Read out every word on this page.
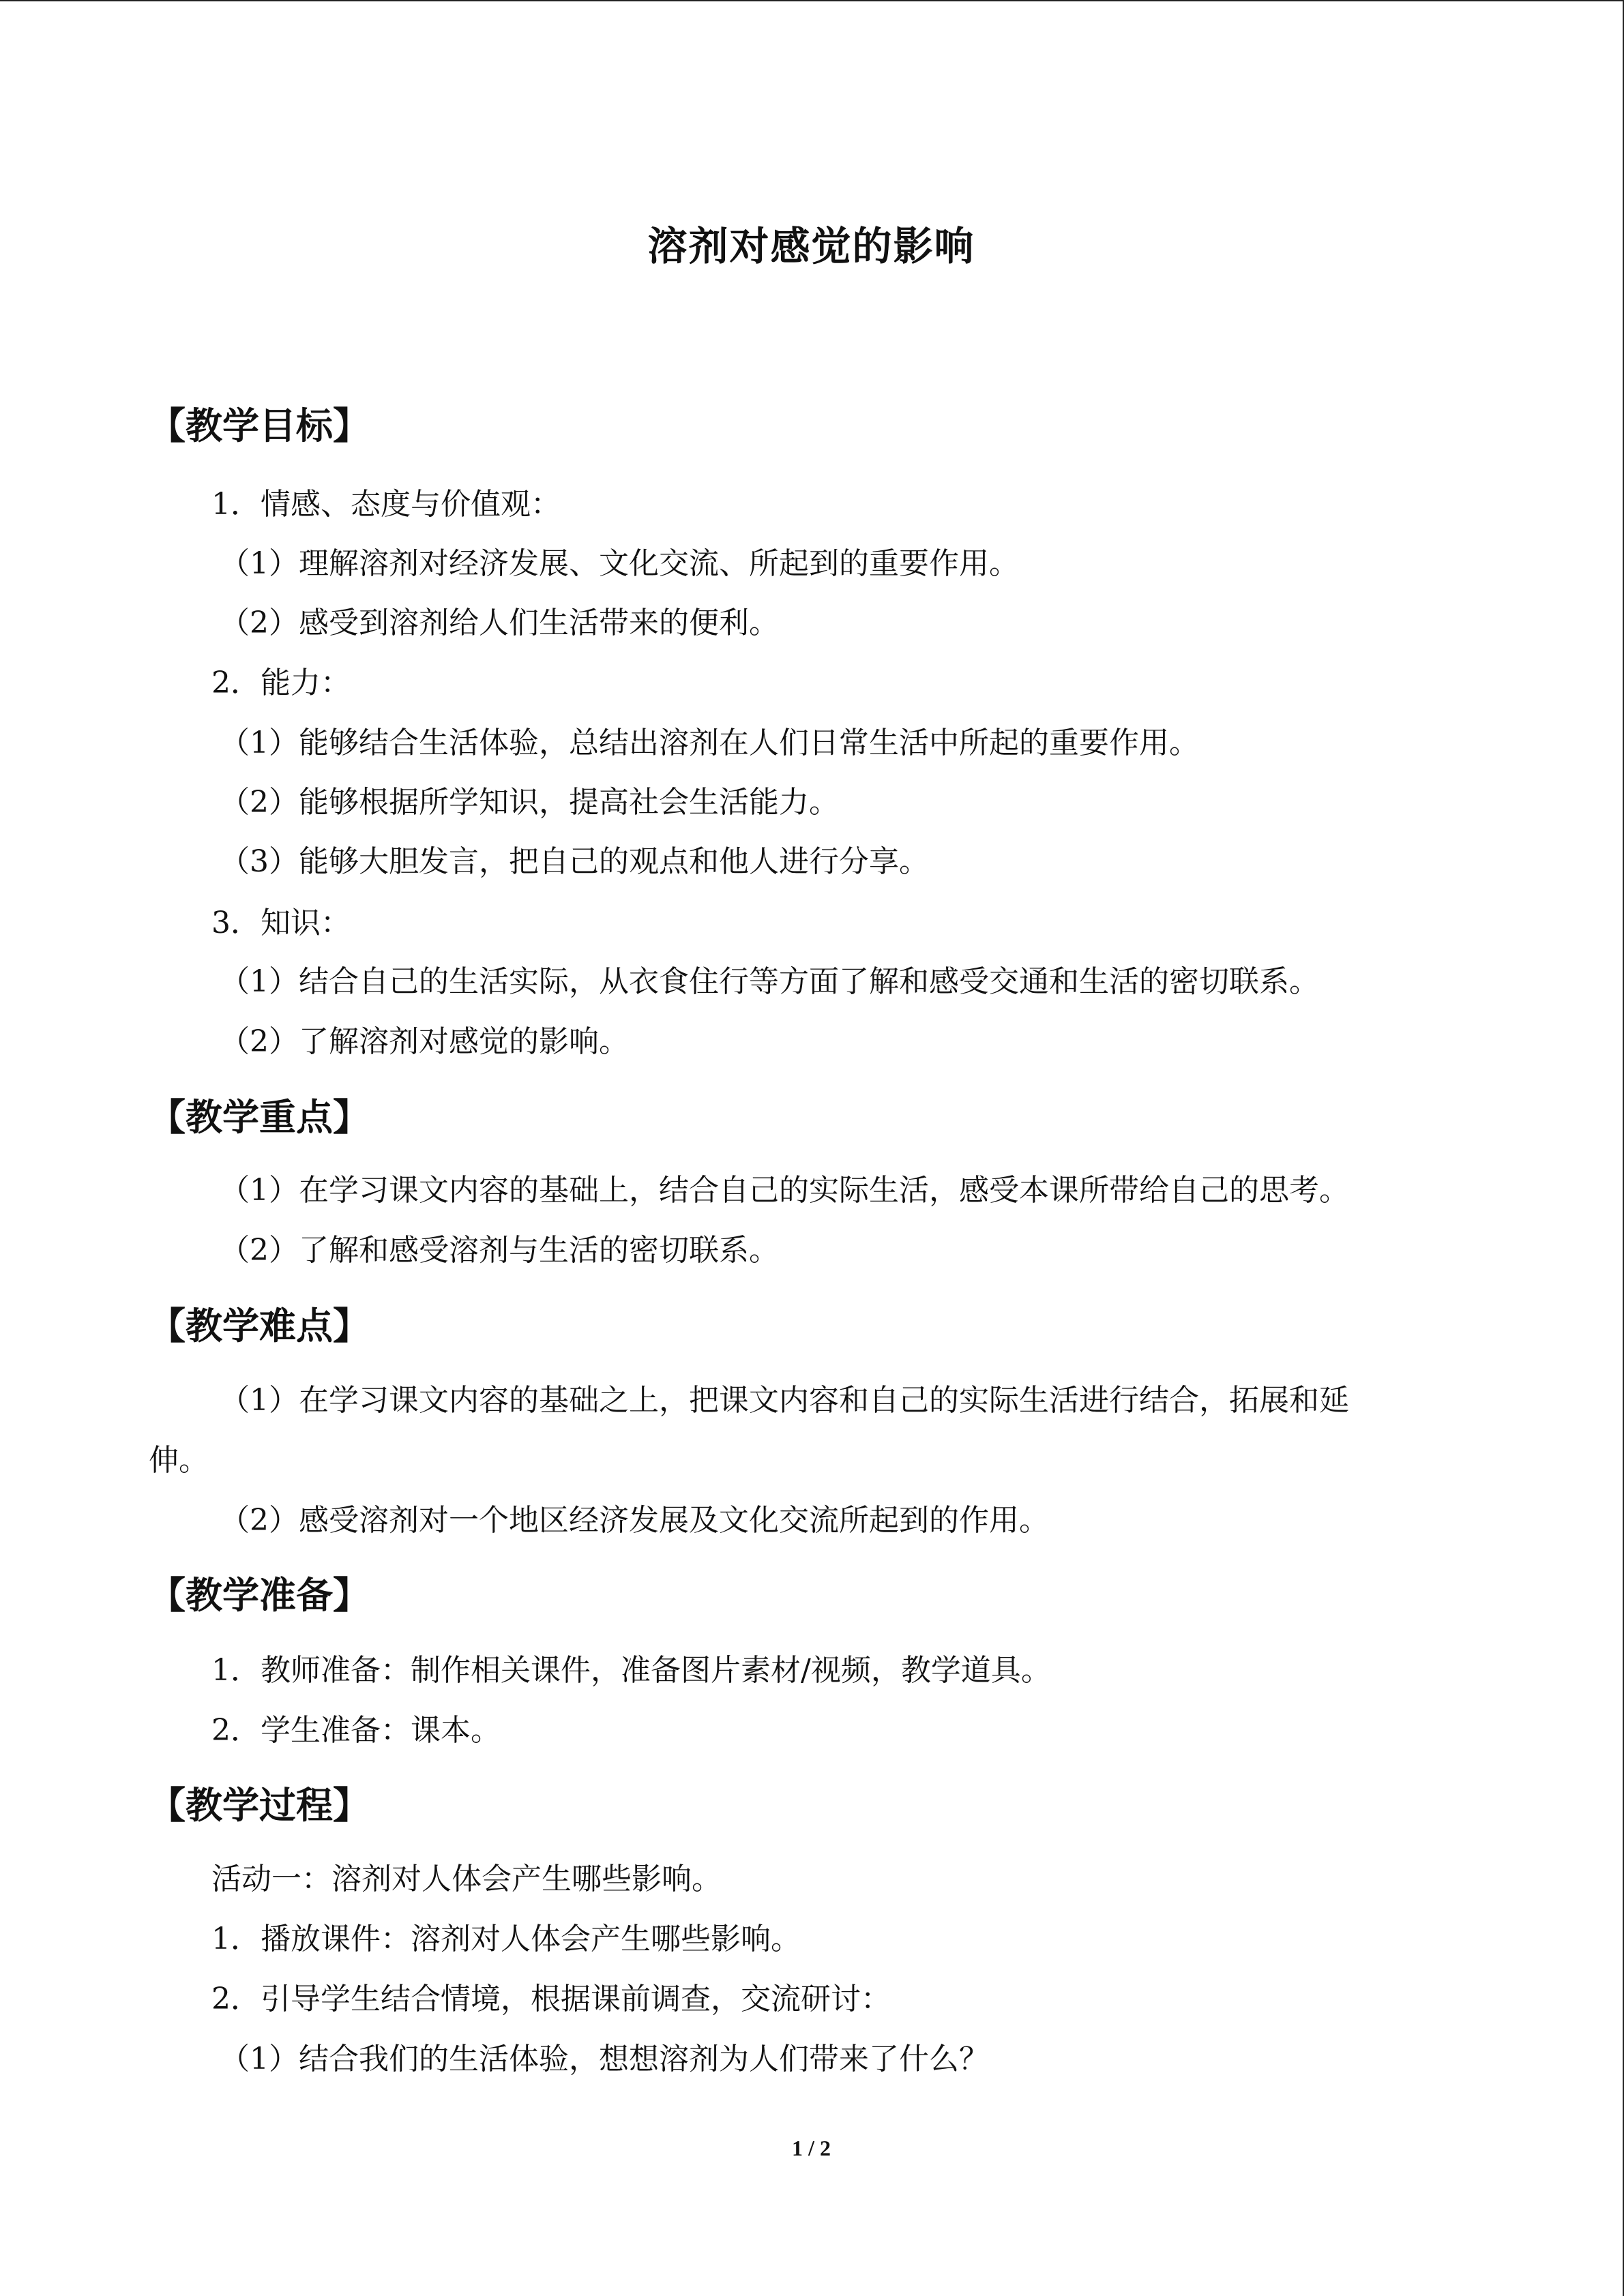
溶剂对感觉的影响
【教学目标】
1．情感、态度与价值观：
（1）理解溶剂对经济发展、文化交流、所起到的重要作用。
（2）感受到溶剂给人们生活带来的便利。
2．能力：
（1）能够结合生活体验，总结出溶剂在人们日常生活中所起的重要作用。
（2）能够根据所学知识，提高社会生活能力。
（3）能够大胆发言，把自己的观点和他人进行分享。
3．知识：
（1）结合自己的生活实际，从衣食住行等方面了解和感受交通和生活的密切联系。
（2）了解溶剂对感觉的影响。
【教学重点】
（1）在学习课文内容的基础上，结合自己的实际生活，感受本课所带给自己的思考。
（2）了解和感受溶剂与生活的密切联系。
【教学难点】
（1）在学习课文内容的基础之上，把课文内容和自己的实际生活进行结合，拓展和延
伸。
（2）感受溶剂对一个地区经济发展及文化交流所起到的作用。
【教学准备】
1．教师准备：制作相关课件，准备图片素材/视频，教学道具。
2．学生准备：课本。
【教学过程】
活动一：溶剂对人体会产生哪些影响。
1．播放课件：溶剂对人体会产生哪些影响。
2．引导学生结合情境，根据课前调查，交流研讨：
（1）结合我们的生活体验，想想溶剂为人们带来了什么？
1 / 2
